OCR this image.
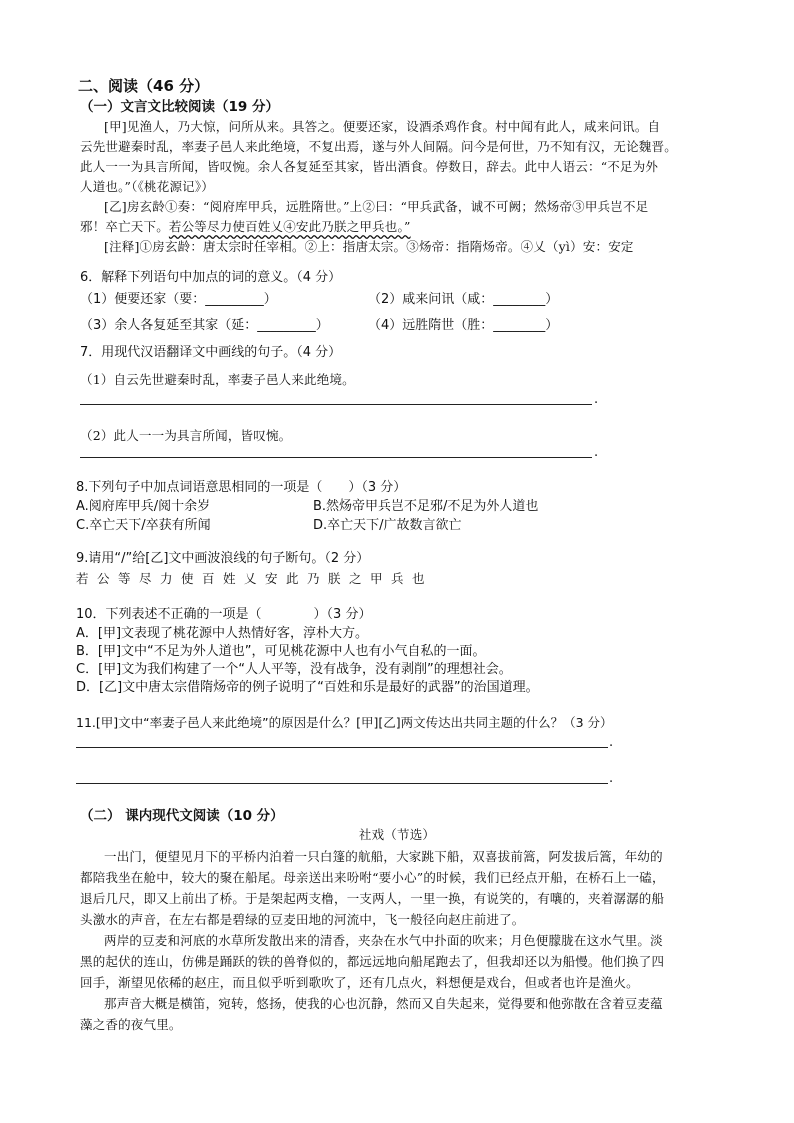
二、阅读（46 分）
（一）文言文比较阅读（19 分）
[甲]见渔人，乃大惊，问所从来。具答之。便要还家，设酒杀鸡作食。村中闻有此人，咸来问讯。自
云先世避秦时乱，率妻子邑人来此绝境，不复出焉，遂与外人间隔。问今是何世，乃不知有汉，无论魏晋。
此人一一为具言所闻，皆叹惋。余人各复延至其家，皆出酒食。停数日，辞去。此中人语云：“不足为外
人道也。”（《桃花源记》）
[乙]房玄龄①奏：“阅府库甲兵，远胜隋世。”上②曰：“甲兵武备，诚不可阙；然炀帝③甲兵岂不足
邪！卒亡天下。若公等尽力使百姓乂④安此乃朕之甲兵也。”
[注释]①房玄龄：唐太宗时任宰相。②上：指唐太宗。③炀帝：指隋炀帝。④乂（yì）安：安定
6．解释下列语句中加点的词的意义。（4 分）
（1）便要还家（要：_________）	（2）咸来问讯（咸：________）
（3）余人各复延至其家（延：_________）	（4）远胜隋世（胜：________）
7．用现代汉语翻译文中画线的句子。（4 分）
（1）自云先世避秦时乱，率妻子邑人来此绝境。
.
（2）此人一一为具言所闻，皆叹惋。
.
8.下列句子中加点词语意思相同的一项是（　　）（3 分）
A.阅府库甲兵/阅十余岁	B.然炀帝甲兵岂不足邪/不足为外人道也
C.卒亡天下/卒获有所闻	D.卒亡天下/广故数言欲亡
9.请用“/”给[乙]文中画波浪线的句子断句。（2 分）
若公等尽力使百姓乂安此乃朕之甲兵也
10．下列表述不正确的一项是（　　　　）（3 分）
A．[甲]文表现了桃花源中人热情好客，淳朴大方。
B．[甲]文中“不足为外人道也”，可见桃花源中人也有小气自私的一面。
C．[甲]文为我们构建了一个“人人平等，没有战争，没有剥削”的理想社会。
D．[乙]文中唐太宗借隋炀帝的例子说明了“百姓和乐是最好的武器”的治国道理。
11.[甲]文中“率妻子邑人来此绝境”的原因是什么？[甲][乙]两文传达出共同主题的什么？（3 分）
.
.
（二） 课内现代文阅读（10 分）
社戏（节选）
一出门，便望见月下的平桥内泊着一只白篷的航船，大家跳下船，双喜拔前篙，阿发拔后篙，年幼的
都陪我坐在舱中，较大的聚在船尾。母亲送出来吩咐“要小心”的时候，我们已经点开船，在桥石上一磕，
退后几尺，即又上前出了桥。于是架起两支橹，一支两人，一里一换，有说笑的，有嚷的，夹着潺潺的船
头激水的声音，在左右都是碧绿的豆麦田地的河流中，飞一般径向赵庄前进了。
两岸的豆麦和河底的水草所发散出来的清香，夹杂在水气中扑面的吹来；月色便朦胧在这水气里。淡
黑的起伏的连山，仿佛是踊跃的铁的兽脊似的，都远远地向船尾跑去了，但我却还以为船慢。他们换了四
回手，渐望见依稀的赵庄，而且似乎听到歌吹了，还有几点火，料想便是戏台，但或者也许是渔火。
那声音大概是横笛，宛转，悠扬，使我的心也沉静，然而又自失起来，觉得要和他弥散在含着豆麦蕴
藻之香的夜气里。
